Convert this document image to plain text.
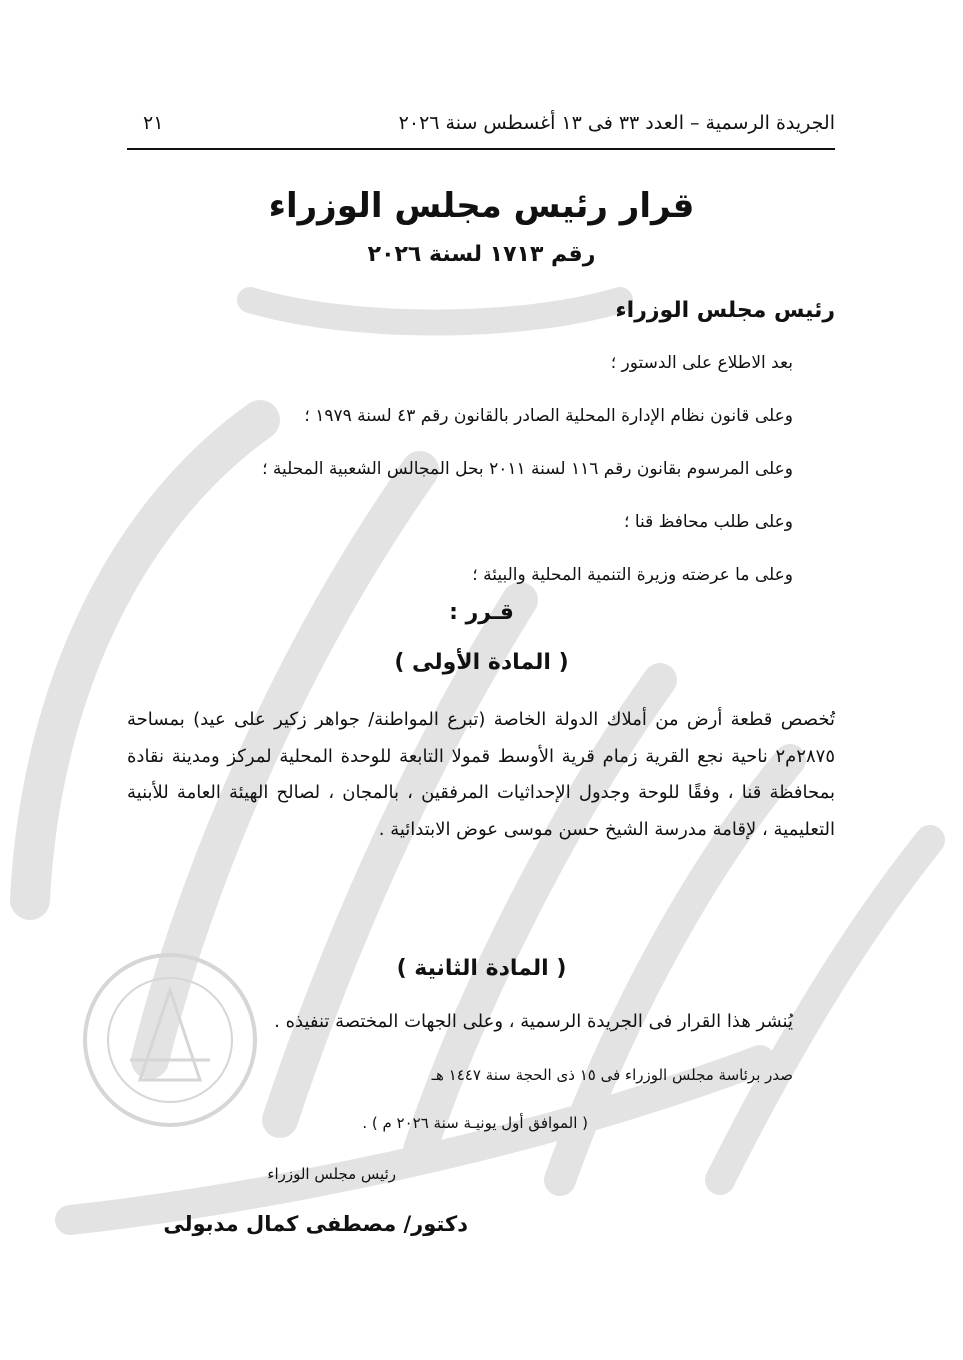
الجريدة الرسمية – العدد ٣٣ فى ١٣ أغسطس سنة ٢٠٢٦
٢١
قرار رئيس مجلس الوزراء
رقم ١٧١٣ لسنة ٢٠٢٦
رئيس مجلس الوزراء
بعد الاطلاع على الدستور ؛
وعلى قانون نظام الإدارة المحلية الصادر بالقانون رقم ٤٣ لسنة ١٩٧٩ ؛
وعلى المرسوم بقانون رقم ١١٦ لسنة ٢٠١١ بحل المجالس الشعبية المحلية ؛
وعلى طلب محافظ قنا ؛
وعلى ما عرضته وزيرة التنمية المحلية والبيئة ؛
قـرر :
( المادة الأولى )
تُخصص قطعة أرض من أملاك الدولة الخاصة (تبرع المواطنة/ جواهر زكير على عيد) بمساحة ٢٨٧٥م٢ ناحية نجع القرية زمام قرية الأوسط قمولا التابعة للوحدة المحلية لمركز ومدينة نقادة بمحافظة قنا ، وفقًا للوحة وجدول الإحداثيات المرفقين ، بالمجان ، لصالح الهيئة العامة للأبنية التعليمية ، لإقامة مدرسة الشيخ حسن موسى عوض الابتدائية .
( المادة الثانية )
يُنشر هذا القرار فى الجريدة الرسمية ، وعلى الجهات المختصة تنفيذه .
صدر برئاسة مجلس الوزراء فى ١٥ ذى الحجة سنة ١٤٤٧ هـ
( الموافق أول يونيـة سنة ٢٠٢٦ م ) .
رئيس مجلس الوزراء
دكتور/ مصطفى كمال مدبولى
